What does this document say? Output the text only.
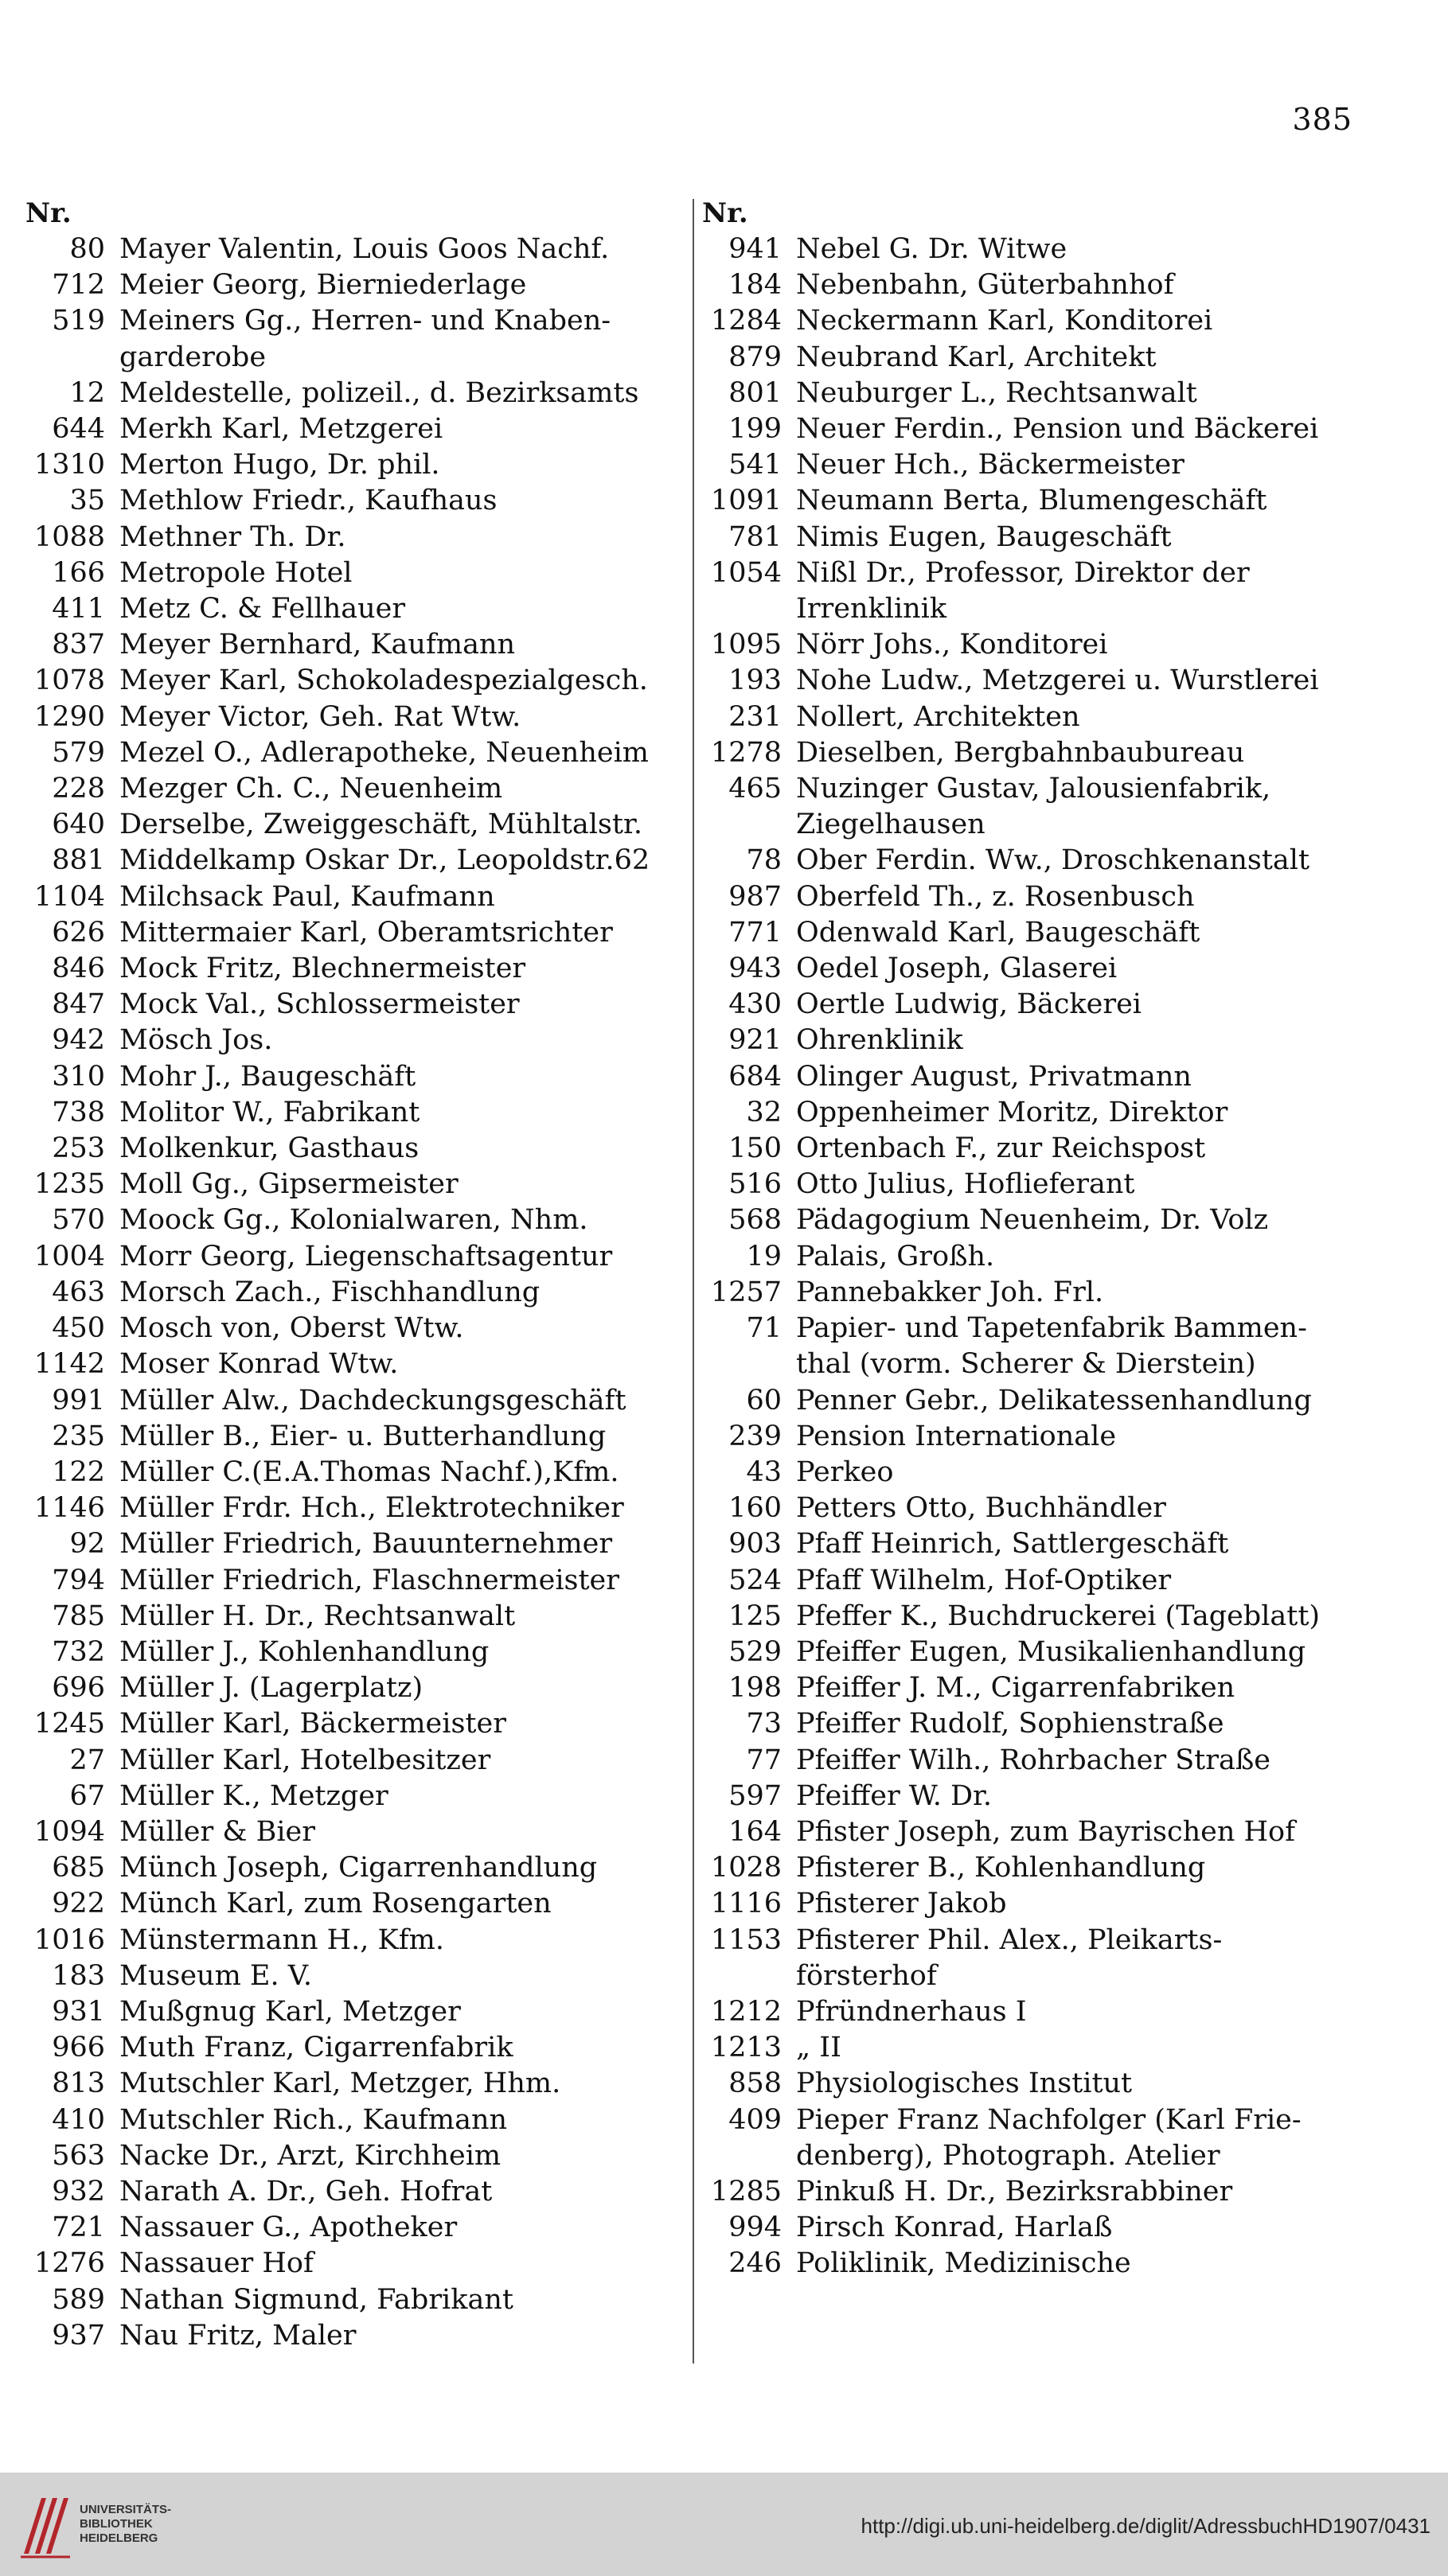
385
Nr.
80 Mayer Valentin, Louis Goos Nachf.
712 Meier Georg, Bierniederlage
519 Meiners Gg., Herren- und Knaben-garderobe
12 Meldestelle, polizeil., d. Bezirksamts
644 Merkh Karl, Metzgerei
1310 Merton Hugo, Dr. phil.
35 Methlow Friedr., Kaufhaus
1088 Methner Th. Dr.
166 Metropole Hotel
411 Metz C. & Fellhauer
837 Meyer Bernhard, Kaufmann
1078 Meyer Karl, Schokoladespezialgesch.
1290 Meyer Victor, Geh. Rat Wtw.
579 Mezel O., Adlerapotheke, Neuenheim
228 Mezger Ch. C., Neuenheim
640 Derselbe, Zweiggeschäft, Mühltalstr.
881 Middelkamp Oskar Dr., Leopoldstr.62
1104 Milchsack Paul, Kaufmann
626 Mittermaier Karl, Oberamtsrichter
846 Mock Fritz, Blechnermeister
847 Mock Val., Schlossermeister
942 Mösch Jos.
310 Mohr J., Baugeschäft
738 Molitor W., Fabrikant
253 Molkenkur, Gasthaus
1235 Moll Gg., Gipsermeister
570 Moock Gg., Kolonialwaren, Nhm.
1004 Morr Georg, Liegenschaftsagentur
463 Morsch Zach., Fischhandlung
450 Mosch von, Oberst Wtw.
1142 Moser Konrad Wtw.
991 Müller Alw., Dachdeckungsgeschäft
235 Müller B., Eier- u. Butterhandlung
122 Müller C.(E.A.Thomas Nachf.),Kfm.
1146 Müller Frdr. Hch., Elektrotechniker
92 Müller Friedrich, Bauunternehmer
794 Müller Friedrich, Flaschnermeister
785 Müller H. Dr., Rechtsanwalt
732 Müller J., Kohlenhandlung
696 Müller J. (Lagerplatz)
1245 Müller Karl, Bäckermeister
27 Müller Karl, Hotelbesitzer
67 Müller K., Metzger
1094 Müller & Bier
685 Münch Joseph, Cigarrenhandlung
922 Münch Karl, zum Rosengarten
1016 Münstermann H., Kfm.
183 Museum E. V.
931 Mußgnug Karl, Metzger
966 Muth Franz, Cigarrenfabrik
813 Mutschler Karl, Metzger, Hhm.
410 Mutschler Rich., Kaufmann
563 Nacke Dr., Arzt, Kirchheim
932 Narath A. Dr., Geh. Hofrat
721 Nassauer G., Apotheker
1276 Nassauer Hof
589 Nathan Sigmund, Fabrikant
937 Nau Fritz, Maler
Nr.
941 Nebel G. Dr. Witwe
184 Nebenbahn, Güterbahnhof
1284 Neckermann Karl, Konditorei
879 Neubrand Karl, Architekt
801 Neuburger L., Rechtsanwalt
199 Neuer Ferdin., Pension und Bäckerei
541 Neuer Hch., Bäckermeister
1091 Neumann Berta, Blumengeschäft
781 Nimis Eugen, Baugeschäft
1054 Nißl Dr., Professor, Direktor der Irrenklinik
1095 Nörr Johs., Konditorei
193 Nohe Ludw., Metzgerei u. Wurstlerei
231 Nollert, Architekten
1278 Dieselben, Bergbahnbaubureau
465 Nuzinger Gustav, Jalousienfabrik, Ziegelhausen
78 Ober Ferdin. Ww., Droschkenanstalt
987 Oberfeld Th., z. Rosenbusch
771 Odenwald Karl, Baugeschäft
943 Oedel Joseph, Glaserei
430 Oertle Ludwig, Bäckerei
921 Ohrenklinik
684 Olinger August, Privatmann
32 Oppenheimer Moritz, Direktor
150 Ortenbach F., zur Reichspost
516 Otto Julius, Hoflieferant
568 Pädagogium Neuenheim, Dr. Volz
19 Palais, Großh.
1257 Pannebakker Joh. Frl.
71 Papier- und Tapetenfabrik Bammen-thal (vorm. Scherer & Dierstein)
60 Penner Gebr., Delikatessenhandlung
239 Pension Internationale
43 Perkeo
160 Petters Otto, Buchhändler
903 Pfaff Heinrich, Sattlergeschäft
524 Pfaff Wilhelm, Hof-Optiker
125 Pfeffer K., Buchdruckerei (Tageblatt)
529 Pfeiffer Eugen, Musikalienhandlung
198 Pfeiffer J. M., Cigarrenfabriken
73 Pfeiffer Rudolf, Sophienstraße
77 Pfeiffer Wilh., Rohrbacher Straße
597 Pfeiffer W. Dr.
164 Pfister Joseph, zum Bayrischen Hof
1028 Pfisterer B., Kohlenhandlung
1116 Pfisterer Jakob
1153 Pfisterer Phil. Alex., Pleikarts-försterhof
1212 Pfründnerhaus I
1213 „ II
858 Physiologisches Institut
409 Pieper Franz Nachfolger (Karl Frie-denberg), Photograph. Atelier
1285 Pinkuß H. Dr., Bezirksrabbiner
994 Pirsch Konrad, Harlaß
246 Poliklinik, Medizinische
UNIVERSITÄTS-
BIBLIOTHEK
HEIDELBERG
http://digi.ub.uni-heidelberg.de/diglit/AdressbuchHD1907/0431
